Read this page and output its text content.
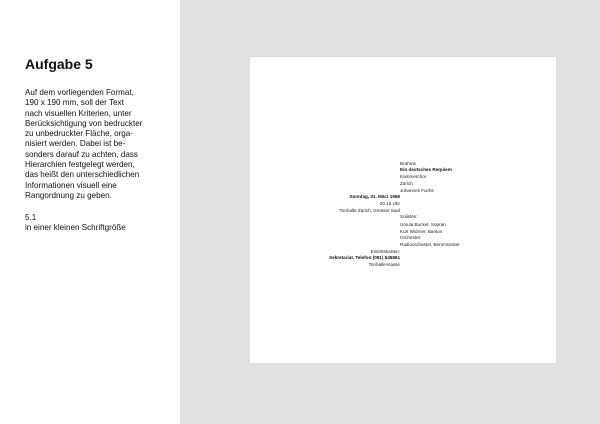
Aufgabe 5
Auf dem vorliegenden Format,
190 x 190 mm, soll der Text
nach visuellen Kriterien, unter
Berücksichtigung von bedruckter
zu unbedruckter Fläche, orga-
nisiert werden. Dabei ist be-
sonders darauf zu achten, dass
Hierarchien festgelegt werden,
das heißt den unterschiedlichen
Informationen visuell eine
Rangordnung zu geben.
5.1
in einer kleinen Schriftgröße
Brahms
Ein deutsches Requiem
Kammerchor
Zürich
Johannes Fuchs
Sonntag, 31. März 1968
20.15 Uhr
Tonhalle Zürich, Grosser Saal
Solisten:
Ursula Buckel, Sopran
Kurt Widmer, Bariton
Orchester:
Radioorchester, Beromünster
Eintrittskarten:
Sekretariat, Telefon (051) 545861
Tonhalle-Kasse
